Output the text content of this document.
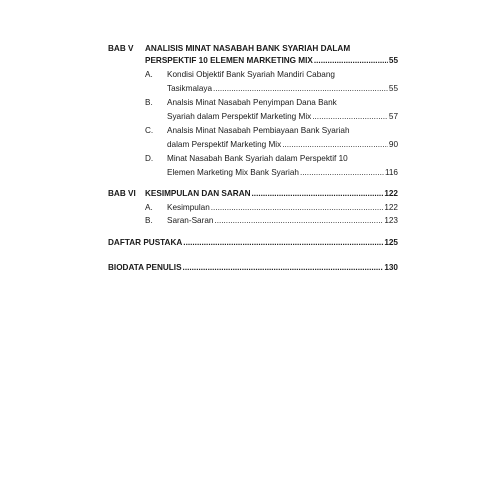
BAB V	ANALISIS MINAT NASABAH BANK SYARIAH DALAM
PERSPEKTIF 10 ELEMEN MARKETING MIX .....	55
A.	Kondisi Objektif Bank Syariah Mandiri Cabang
Tasikmalaya .....	55
B.	Analsis Minat Nasabah Penyimpan Dana Bank
Syariah dalam Perspektif Marketing Mix .....	57
C.	Analsis Minat Nasabah Pembiayaan Bank Syariah
dalam Perspektif Marketing Mix .....	90
D.	Minat Nasabah Bank Syariah dalam Perspektif 10
Elemen Marketing Mix Bank Syariah .....	116
BAB VI	KESIMPULAN DAN SARAN .....	122
A.	Kesimpulan .....	122
B.	Saran-Saran .....	123
DAFTAR PUSTAKA .....	125
BIODATA PENULIS .....	130
